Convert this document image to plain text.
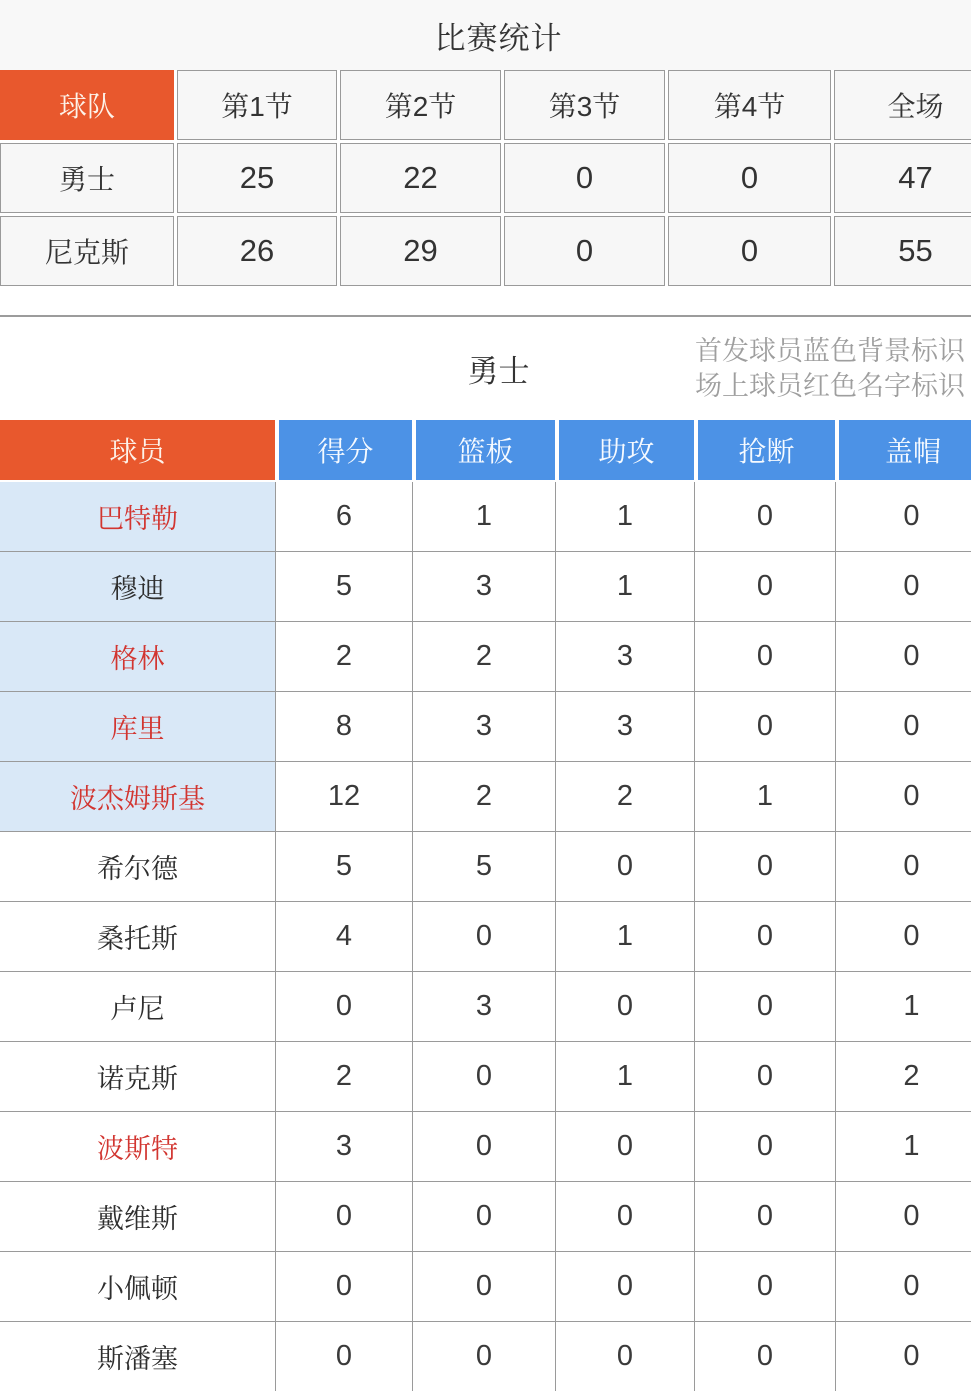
比赛统计
球队	第1节	第2节	第3节	第4节	全场
勇士	25	22	0	0	47
尼克斯	26	29	0	0	55
勇士
首发球员蓝色背景标识
场上球员红色名字标识
球员	得分	篮板	助攻	抢断	盖帽
巴特勒	6	1	1	0	0
穆迪	5	3	1	0	0
格林	2	2	3	0	0
库里	8	3	3	0	0
波杰姆斯基	12	2	2	1	0
希尔德	5	5	0	0	0
桑托斯	4	0	1	0	0
卢尼	0	3	0	0	1
诺克斯	2	0	1	0	2
波斯特	3	0	0	0	1
戴维斯	0	0	0	0	0
小佩顿	0	0	0	0	0
斯潘塞	0	0	0	0	0
